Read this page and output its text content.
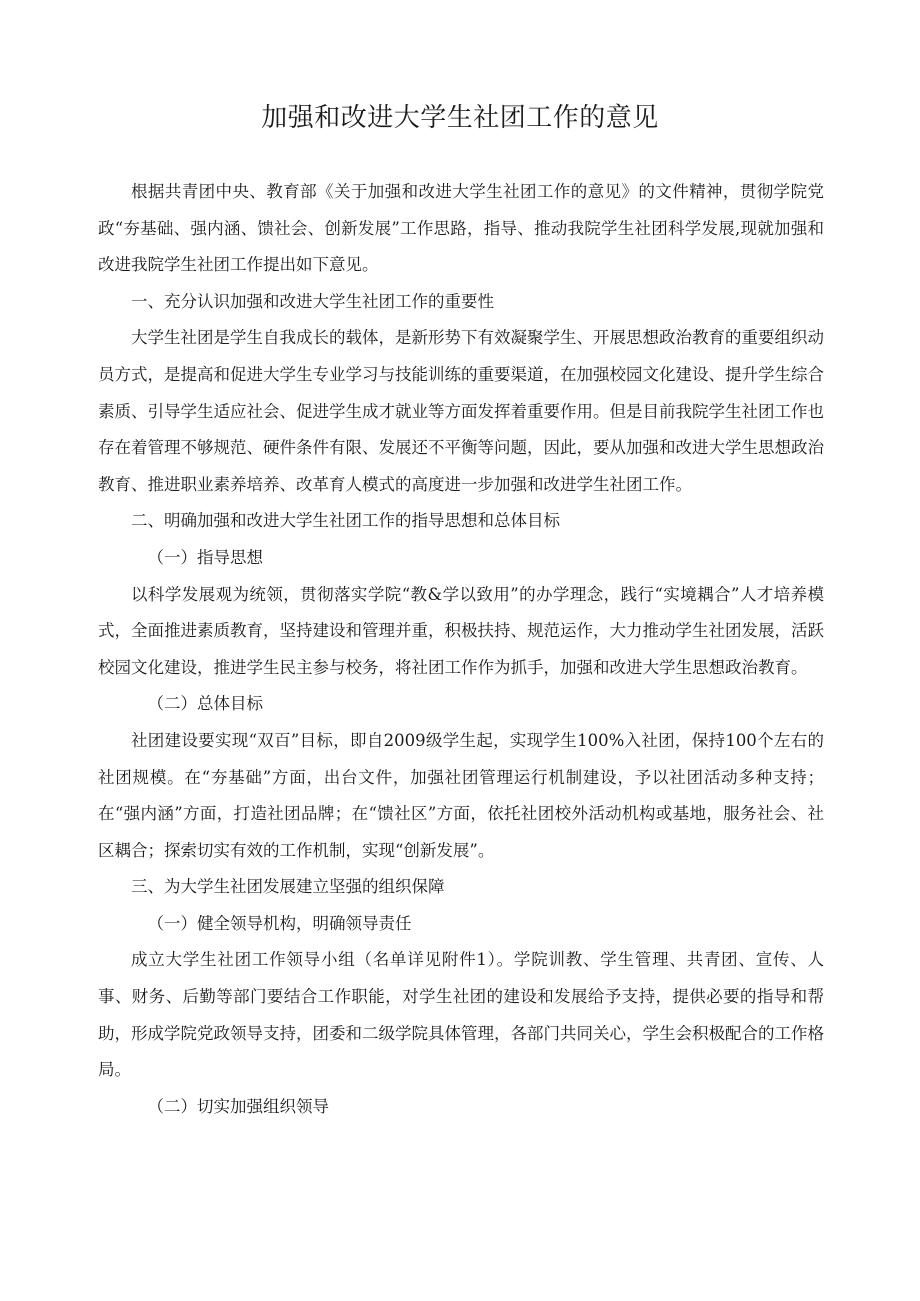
加强和改进大学生社团工作的意见

根据共青团中央、教育部《关于加强和改进大学生社团工作的意见》的文件精神，贯彻学院党政“夯基础、强内涵、馈社会、创新发展”工作思路，指导、推动我院学生社团科学发展,现就加强和改进我院学生社团工作提出如下意见。

一、充分认识加强和改进大学生社团工作的重要性

大学生社团是学生自我成长的载体，是新形势下有效凝聚学生、开展思想政治教育的重要组织动员方式，是提高和促进大学生专业学习与技能训练的重要渠道，在加强校园文化建设、提升学生综合素质、引导学生适应社会、促进学生成才就业等方面发挥着重要作用。但是目前我院学生社团工作也存在着管理不够规范、硬件条件有限、发展还不平衡等问题，因此，要从加强和改进大学生思想政治教育、推进职业素养培养、改革育人模式的高度进一步加强和改进学生社团工作。

二、明确加强和改进大学生社团工作的指导思想和总体目标

（一）指导思想

以科学发展观为统领，贯彻落实学院“教&学以致用”的办学理念，践行“实境耦合”人才培养模式，全面推进素质教育，坚持建设和管理并重，积极扶持、规范运作，大力推动学生社团发展，活跃校园文化建设，推进学生民主参与校务，将社团工作作为抓手，加强和改进大学生思想政治教育。

（二）总体目标

社团建设要实现“双百”目标，即自2009级学生起，实现学生100%入社团，保持100个左右的社团规模。在“夯基础”方面，出台文件，加强社团管理运行机制建设，予以社团活动多种支持；在“强内涵”方面，打造社团品牌；在“馈社区”方面，依托社团校外活动机构或基地，服务社会、社区耦合；探索切实有效的工作机制，实现“创新发展”。

三、为大学生社团发展建立坚强的组织保障

（一）健全领导机构，明确领导责任

成立大学生社团工作领导小组（名单详见附件1）。学院训教、学生管理、共青团、宣传、人事、财务、后勤等部门要结合工作职能，对学生社团的建设和发展给予支持，提供必要的指导和帮助，形成学院党政领导支持，团委和二级学院具体管理，各部门共同关心，学生会积极配合的工作格局。

（二）切实加强组织领导
